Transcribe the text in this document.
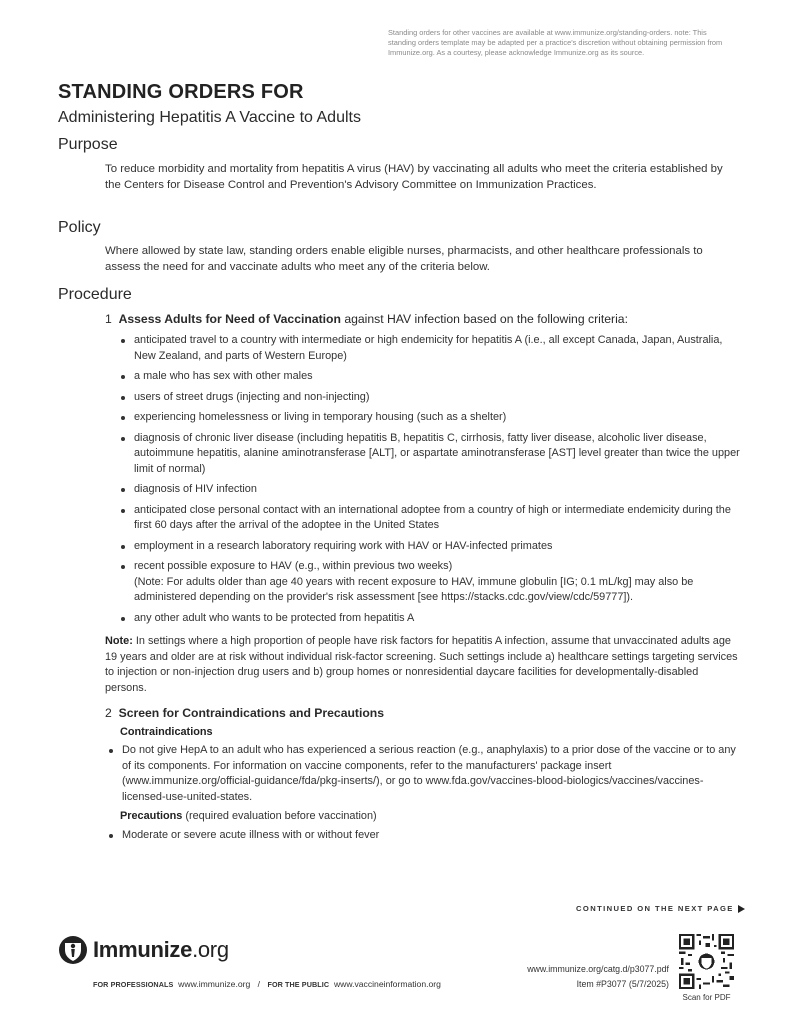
Standing orders for other vaccines are available at www.immunize.org/standing-orders. note: This standing orders template may be adapted per a practice's discretion without obtaining permission from Immunize.org. As a courtesy, please acknowledge Immunize.org as its source.
STANDING ORDERS FOR
Administering Hepatitis A Vaccine to Adults
Purpose
To reduce morbidity and mortality from hepatitis A virus (HAV) by vaccinating all adults who meet the criteria established by the Centers for Disease Control and Prevention's Advisory Committee on Immunization Practices.
Policy
Where allowed by state law, standing orders enable eligible nurses, pharmacists, and other healthcare professionals to assess the need for and vaccinate adults who meet any of the criteria below.
Procedure
1 Assess Adults for Need of Vaccination against HAV infection based on the following criteria:
anticipated travel to a country with intermediate or high endemicity for hepatitis A (i.e., all except Canada, Japan, Australia, New Zealand, and parts of Western Europe)
a male who has sex with other males
users of street drugs (injecting and non-injecting)
experiencing homelessness or living in temporary housing (such as a shelter)
diagnosis of chronic liver disease (including hepatitis B, hepatitis C, cirrhosis, fatty liver disease, alcoholic liver disease, autoimmune hepatitis, alanine aminotransferase [ALT], or aspartate aminotransferase [AST] level greater than twice the upper limit of normal)
diagnosis of HIV infection
anticipated close personal contact with an international adoptee from a country of high or intermediate endemicity during the first 60 days after the arrival of the adoptee in the United States
employment in a research laboratory requiring work with HAV or HAV-infected primates
recent possible exposure to HAV (e.g., within previous two weeks)
(Note: For adults older than age 40 years with recent exposure to HAV, immune globulin [IG; 0.1 mL/kg] may also be administered depending on the provider's risk assessment [see https://stacks.cdc.gov/view/cdc/59777]).
any other adult who wants to be protected from hepatitis A
Note: In settings where a high proportion of people have risk factors for hepatitis A infection, assume that unvaccinated adults age 19 years and older are at risk without individual risk-factor screening. Such settings include a) healthcare settings targeting services to injection or non-injection drug users and b) group homes or nonresidential daycare facilities for developmentally-disabled persons.
2 Screen for Contraindications and Precautions
Contraindications
Do not give HepA to an adult who has experienced a serious reaction (e.g., anaphylaxis) to a prior dose of the vaccine or to any of its components. For information on vaccine components, refer to the manufacturers' package insert (www.immunize.org/official-guidance/fda/pkg-inserts/), or go to www.fda.gov/vaccines-blood-biologics/vaccines/vaccines-licensed-use-united-states.
Precautions (required evaluation before vaccination)
Moderate or severe acute illness with or without fever
CONTINUED ON THE NEXT PAGE
Immunize.org
FOR PROFESSIONALS www.immunize.org / FOR THE PUBLIC www.vaccineinformation.org
www.immunize.org/catg.d/p3077.pdf
Item #P3077 (5/7/2025)
Scan for PDF
